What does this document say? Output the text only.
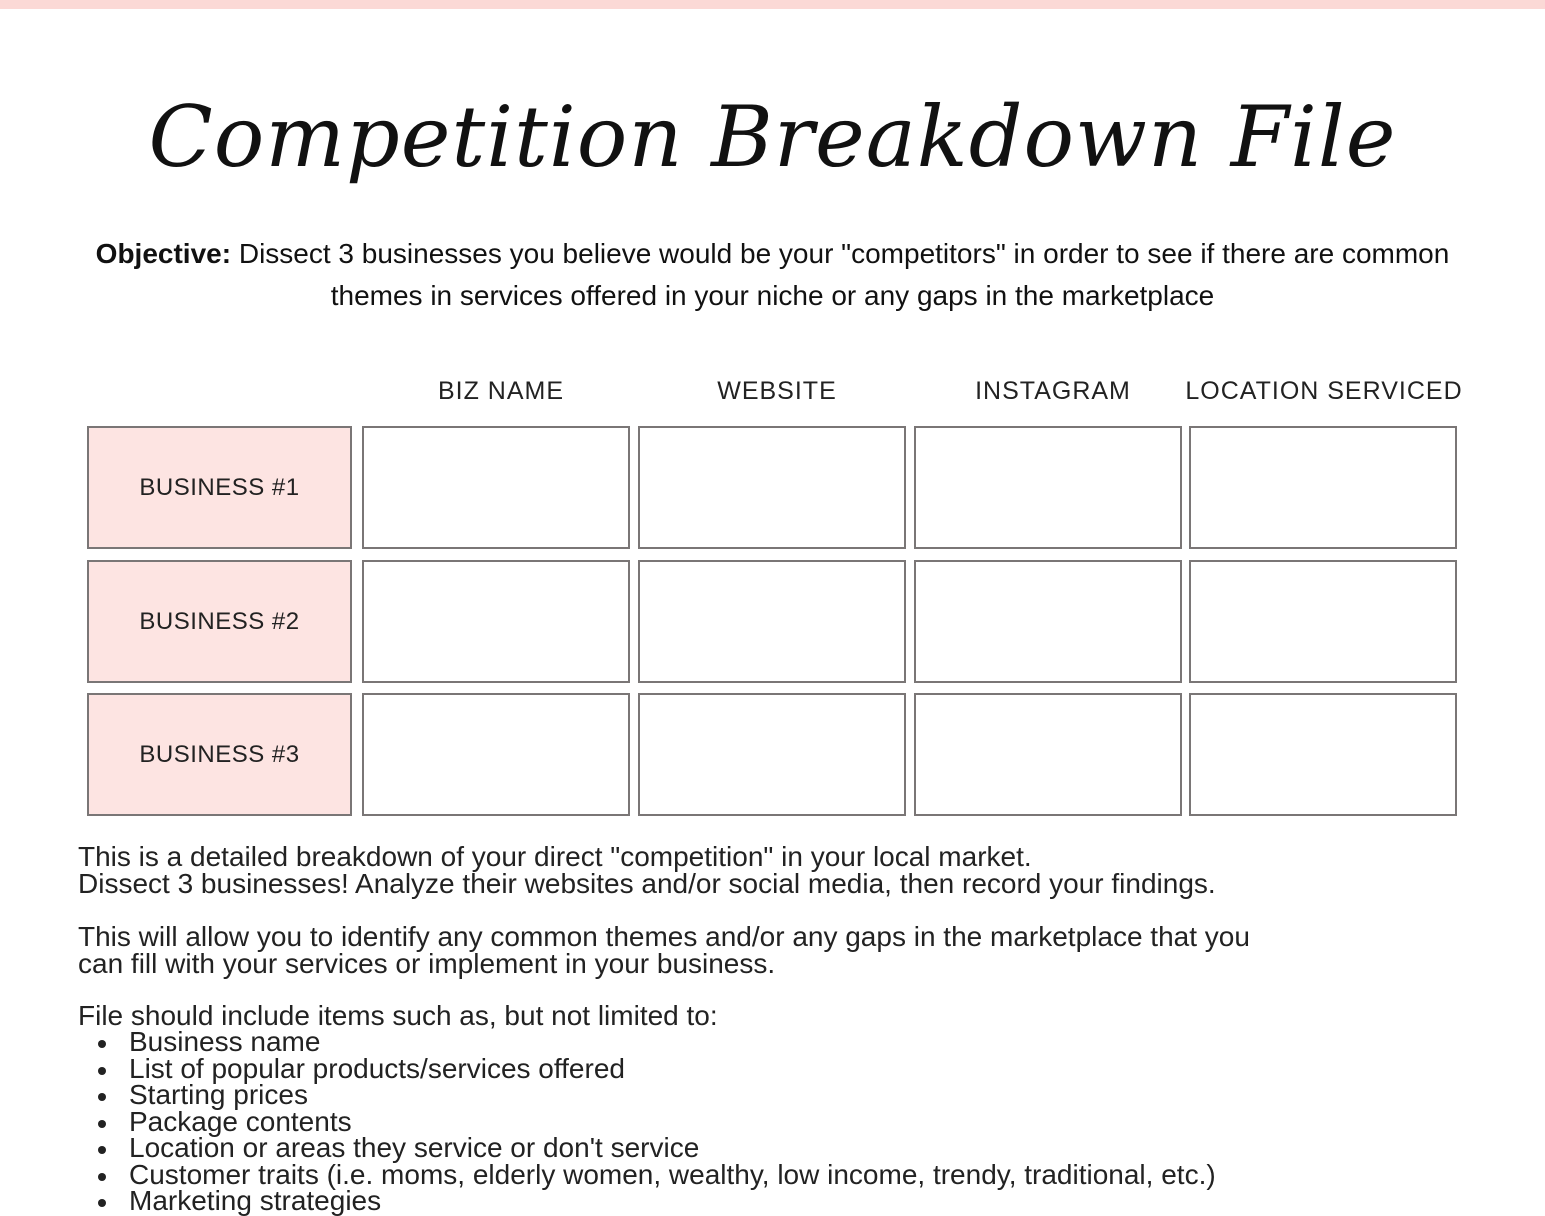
Competition Breakdown File
Objective: Dissect 3 businesses you believe would be your "competitors" in order to see if there are common themes in services offered in your niche or any gaps in the marketplace
BIZ NAME	WEBSITE	INSTAGRAM	LOCATION SERVICED
BUSINESS #1
BUSINESS #2
BUSINESS #3

This is a detailed breakdown of your direct "competition" in your local market.

Dissect 3 businesses! Analyze their websites and/or social media, then record your findings.

This will allow you to identify any common themes and/or any gaps in the marketplace that you

can fill with your services or implement in your business.

File should include items such as, but not limited to:

Business name
List of popular products/services offered
Starting prices
Package contents
Location or areas they service or don't service
Customer traits (i.e. moms, elderly women, wealthy, low income, trendy, traditional, etc.)
Marketing strategies
